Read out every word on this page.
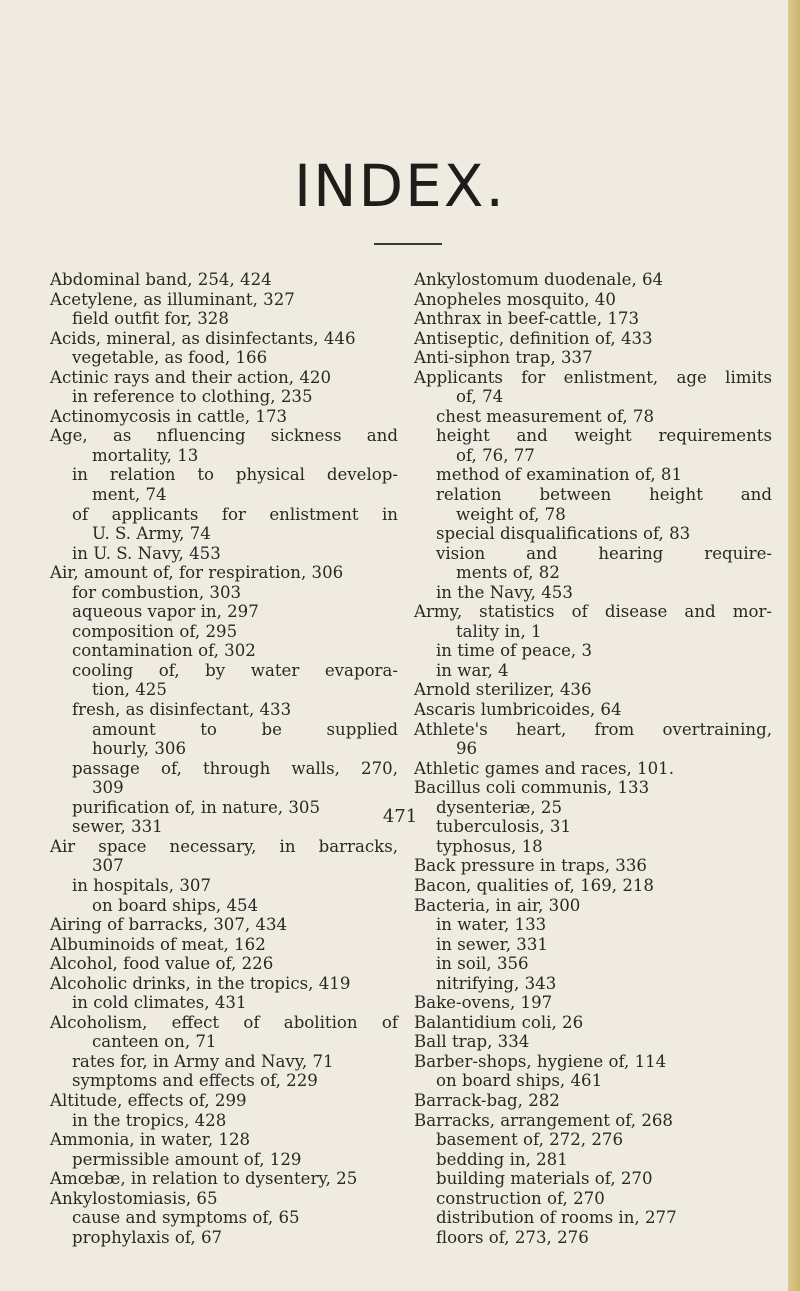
INDEX.
Abdominal band, 254, 424
Acetylene, as illuminant, 327
field outfit for, 328
Acids, mineral, as disinfectants, 446
vegetable, as food, 166
Actinic rays and their action, 420
in reference to clothing, 235
Actinomycosis in cattle, 173
Age, as nfluencing sickness and
mortality, 13
in relation to physical develop-
ment, 74
of applicants for enlistment in
U. S. Army, 74
in U. S. Navy, 453
Air, amount of, for respiration, 306
for combustion, 303
aqueous vapor in, 297
composition of, 295
contamination of, 302
cooling of, by water evapora-
tion, 425
fresh, as disinfectant, 433
amount to be supplied
hourly, 306
passage of, through walls, 270,
309
purification of, in nature, 305
sewer, 331
Air space necessary, in barracks,
307
in hospitals, 307
on board ships, 454
Airing of barracks, 307, 434
Albuminoids of meat, 162
Alcohol, food value of, 226
Alcoholic drinks, in the tropics, 419
in cold climates, 431
Alcoholism, effect of abolition of
canteen on, 71
rates for, in Army and Navy, 71
symptoms and effects of, 229
Altitude, effects of, 299
in the tropics, 428
Ammonia, in water, 128
permissible amount of, 129
Amœbæ, in relation to dysentery, 25
Ankylostomiasis, 65
cause and symptoms of, 65
prophylaxis of, 67
Ankylostomum duodenale, 64
Anopheles mosquito, 40
Anthrax in beef-cattle, 173
Antiseptic, definition of, 433
Anti-siphon trap, 337
Applicants for enlistment, age limits
of, 74
chest measurement of, 78
height and weight requirements
of, 76, 77
method of examination of, 81
relation between height and
weight of, 78
special disqualifications of, 83
vision and hearing require-
ments of, 82
in the Navy, 453
Army, statistics of disease and mor-
tality in, 1
in time of peace, 3
in war, 4
Arnold sterilizer, 436
Ascaris lumbricoides, 64
Athlete's heart, from overtraining,
96
Athletic games and races, 101.
Bacillus coli communis, 133
dysenteriæ, 25
tuberculosis, 31
typhosus, 18
Back pressure in traps, 336
Bacon, qualities of, 169, 218
Bacteria, in air, 300
in water, 133
in sewer, 331
in soil, 356
nitrifying, 343
Bake-ovens, 197
Balantidium coli, 26
Ball trap, 334
Barber-shops, hygiene of, 114
on board ships, 461
Barrack-bag, 282
Barracks, arrangement of, 268
basement of, 272, 276
bedding in, 281
building materials of, 270
construction of, 270
distribution of rooms in, 277
floors of, 273, 276
471
